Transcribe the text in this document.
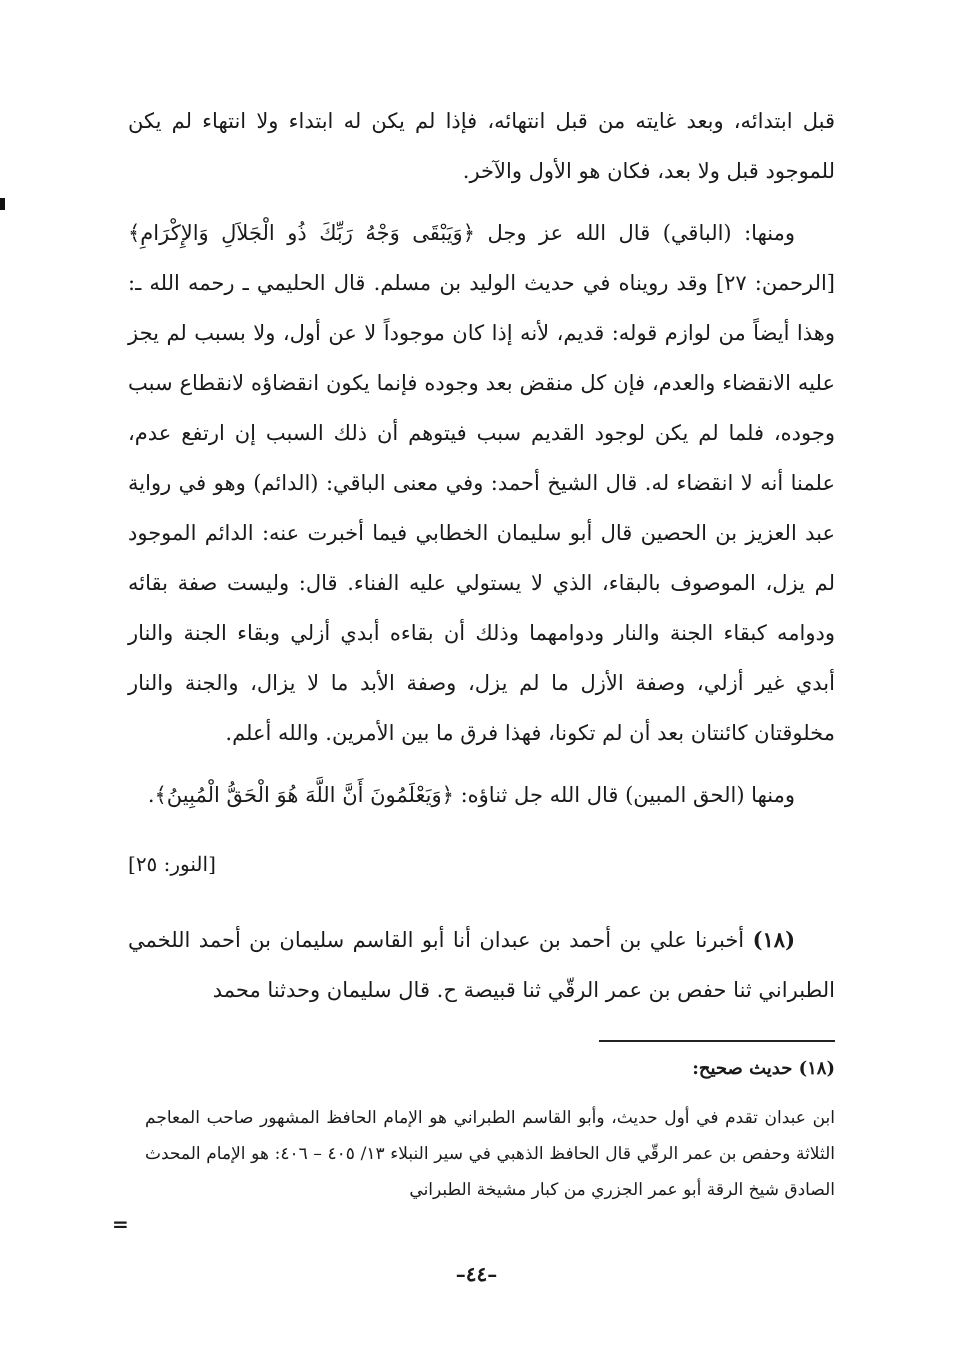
قبل ابتدائه، وبعد غايته من قبل انتهائه، فإذا لم يكن له ابتداء ولا انتهاء لم يكن للموجود قبل ولا بعد، فكان هو الأول والآخر.

ومنها: (الباقي) قال الله عز وجل ﴿وَيَبْقَى وَجْهُ رَبِّكَ ذُو الْجَلاَلِ وَالإِكْرَامِ﴾ [الرحمن: ٢٧] وقد رويناه في حديث الوليد بن مسلم. قال الحليمي ـ رحمه الله ـ: وهذا أيضاً من لوازم قوله: قديم، لأنه إذا كان موجوداً لا عن أول، ولا بسبب لم يجز عليه الانقضاء والعدم، فإن كل منقض بعد وجوده فإنما يكون انقضاؤه لانقطاع سبب وجوده، فلما لم يكن لوجود القديم سبب فيتوهم أن ذلك السبب إن ارتفع عدم، علمنا أنه لا انقضاء له. قال الشيخ أحمد: وفي معنى الباقي: (الدائم) وهو في رواية عبد العزيز بن الحصين قال أبو سليمان الخطابي فيما أخبرت عنه: الدائم الموجود لم يزل، الموصوف بالبقاء، الذي لا يستولي عليه الفناء. قال: وليست صفة بقائه ودوامه كبقاء الجنة والنار ودوامهما وذلك أن بقاءه أبدي أزلي وبقاء الجنة والنار أبدي غير أزلي، وصفة الأزل ما لم يزل، وصفة الأبد ما لا يزال، والجنة والنار مخلوقتان كائنتان بعد أن لم تكونا، فهذا فرق ما بين الأمرين. والله أعلم.

ومنها (الحق المبين) قال الله جل ثناؤه: ﴿وَيَعْلَمُونَ أَنَّ اللَّهَ هُوَ الْحَقُّ الْمُبِينُ﴾.

[النور: ٢٥]

(١٨) أخبرنا علي بن أحمد بن عبدان أنا أبو القاسم سليمان بن أحمد اللخمي الطبراني ثنا حفص بن عمر الرقّي ثنا قبيصة ح. قال سليمان وحدثنا محمد

(١٨) حديث صحيح:

ابن عبدان تقدم في أول حديث، وأبو القاسم الطبراني هو الإمام الحافظ المشهور صاحب المعاجم الثلاثة وحفص بن عمر الرقّي قال الحافظ الذهبي في سير النبلاء ١٣/ ٤٠٥ – ٤٠٦: هو الإمام المحدث الصادق شيخ الرقة أبو عمر الجزري من كبار مشيخة الطبراني

=
–٤٤–
